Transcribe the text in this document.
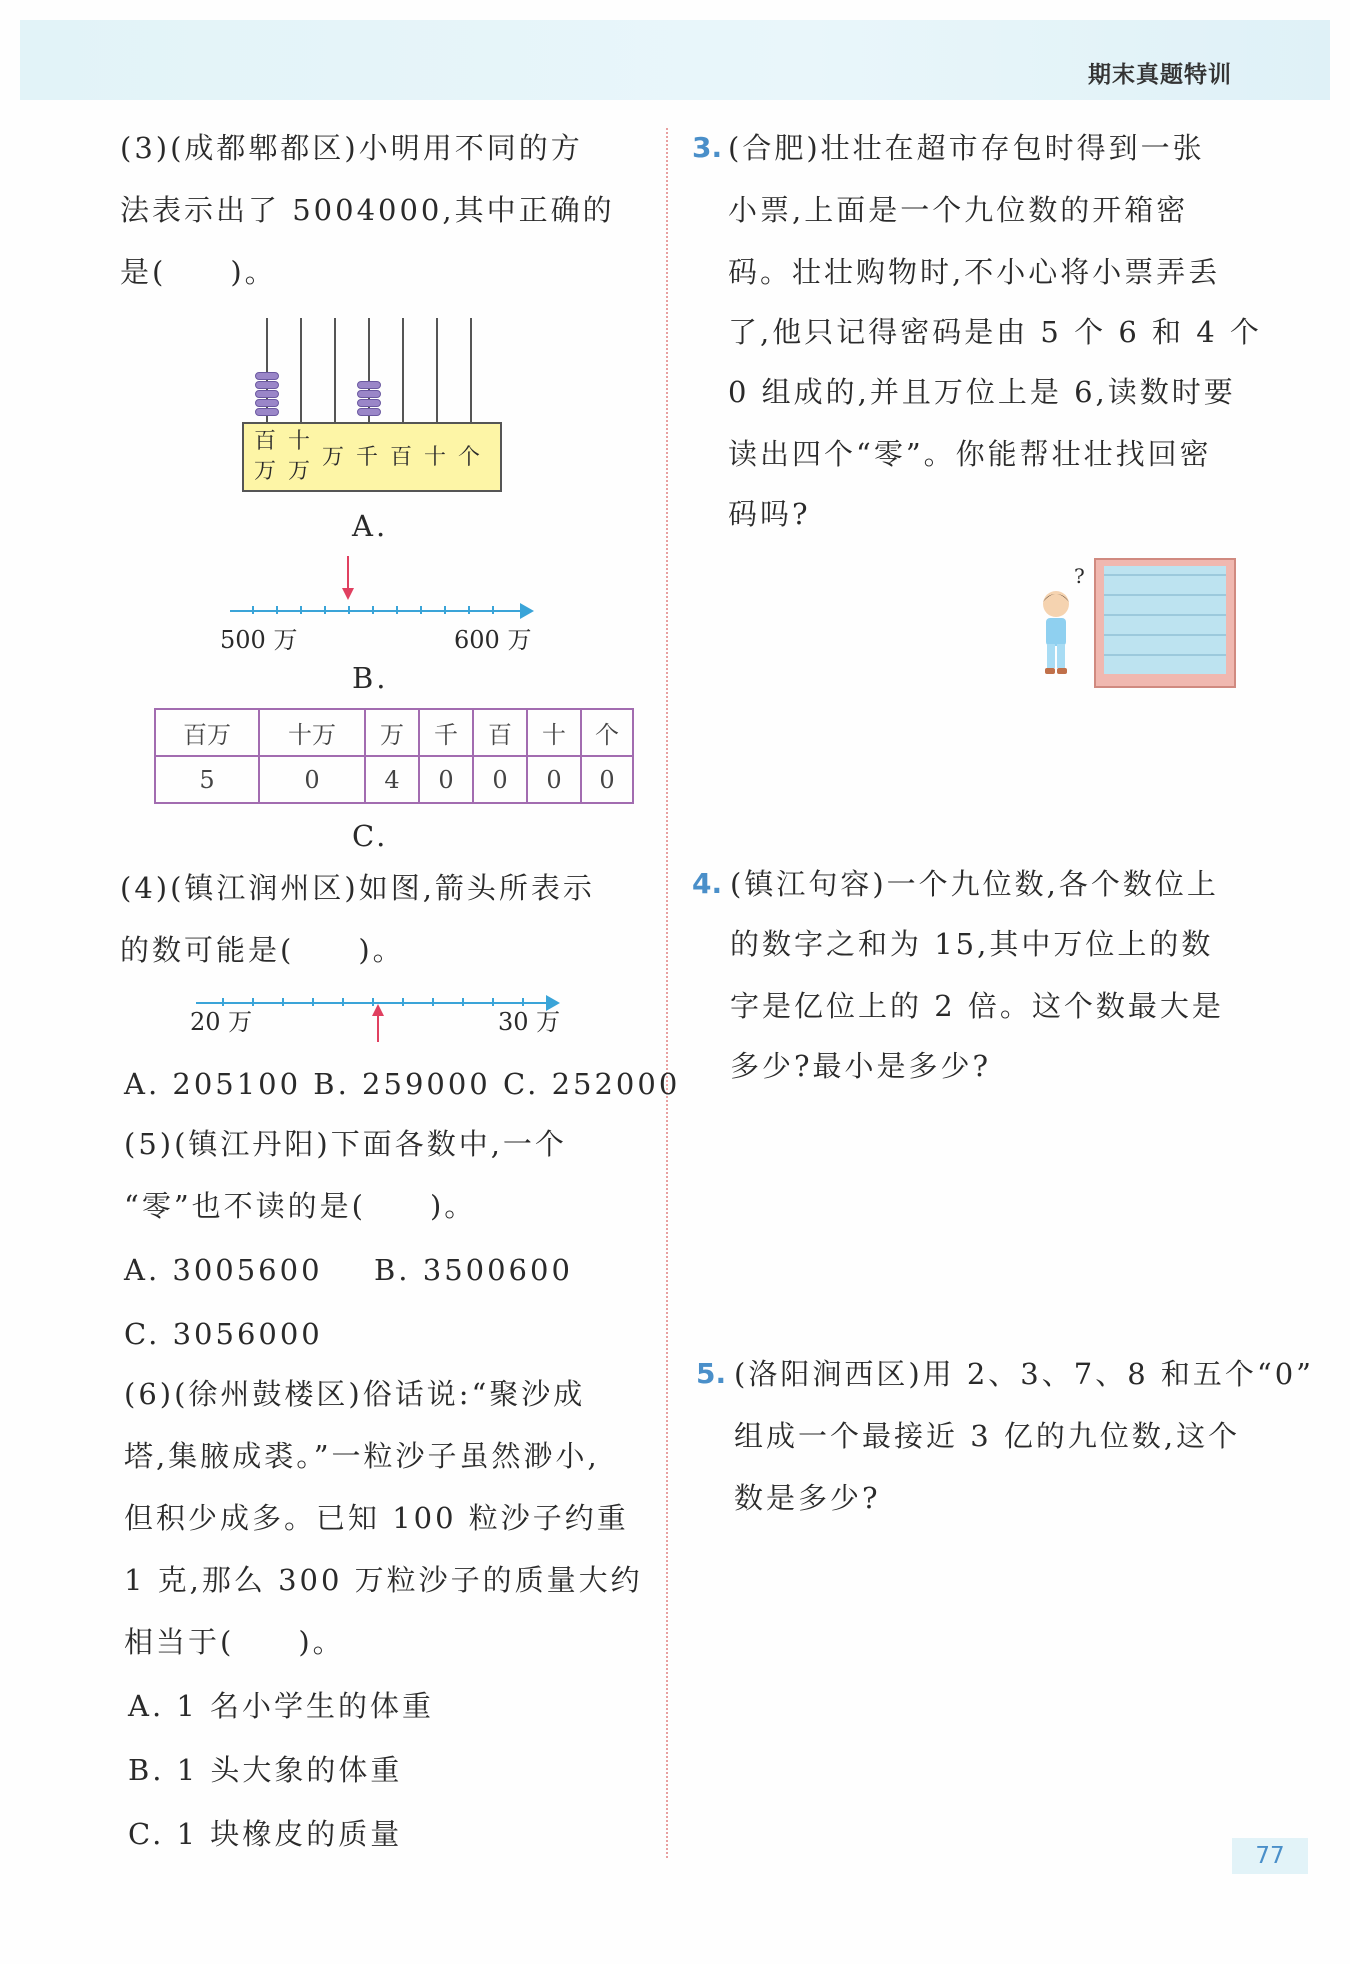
期末真题特训
(3)(成都郫都区)小明用不同的方
法表示出了 5004000,其中正确的
是(　　)。
百 十
万 万
万 千 百 十 个
A.
500 万	600 万
B.
百万	十万	万	千	百	十	个
5	0	4	0	0	0	0
C.
(4)(镇江润州区)如图,箭头所表示
的数可能是(　　)。
20 万	30 万
A. 205100 B. 259000 C. 252000
(5)(镇江丹阳)下面各数中,一个
“零”也不读的是(　　)。
A. 3005600 B. 3500600
C. 3056000
(6)(徐州鼓楼区)俗话说:“聚沙成
塔,集腋成裘。”一粒沙子虽然渺小,
但积少成多。已知 100 粒沙子约重
1 克,那么 300 万粒沙子的质量大约
相当于(　　)。
A. 1 名小学生的体重
B. 1 头大象的体重
C. 1 块橡皮的质量
3. (合肥)壮壮在超市存包时得到一张
小票,上面是一个九位数的开箱密
码。壮壮购物时,不小心将小票弄丢
了,他只记得密码是由 5 个 6 和 4 个
0 组成的,并且万位上是 6,读数时要
读出四个“零”。你能帮壮壮找回密
码吗?
?
4. (镇江句容)一个九位数,各个数位上
的数字之和为 15,其中万位上的数
字是亿位上的 2 倍。这个数最大是
多少?最小是多少?
5. (洛阳涧西区)用 2、3、7、8 和五个“0”
组成一个最接近 3 亿的九位数,这个
数是多少?
77
